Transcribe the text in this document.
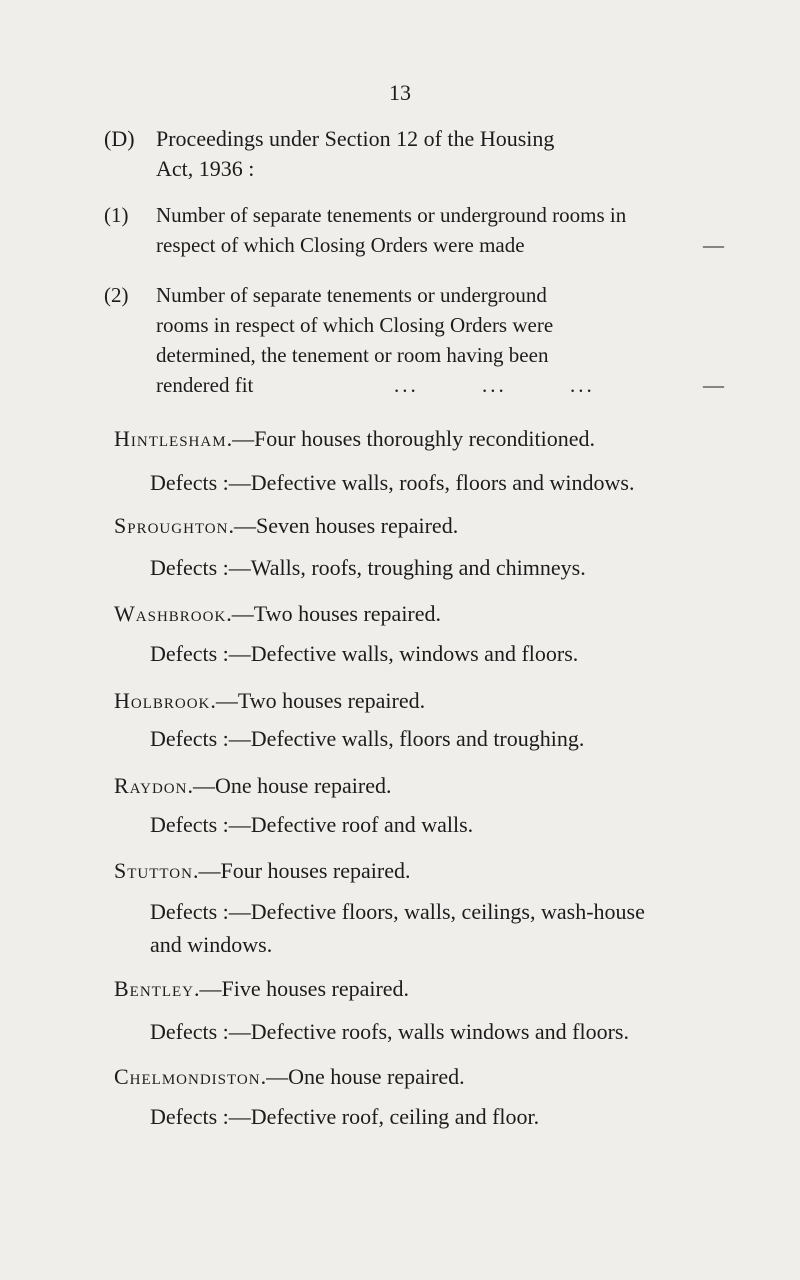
13
(D) Proceedings under Section 12 of the Housing
Act, 1936 :
(1) Number of separate tenements or underground rooms in respect of which Closing Orders were made	—
(2) Number of separate tenements or underground
rooms in respect of which Closing Orders were
determined, the tenement or room having been
rendered fit	...	...	...	—
Hintlesham.—Four houses thoroughly reconditioned.
Defects :—Defective walls, roofs, floors and windows.
Sproughton.—Seven houses repaired.
Defects :—Walls, roofs, troughing and chimneys.
Washbrook.—Two houses repaired.
Defects :—Defective walls, windows and floors.
Holbrook.—Two houses repaired.
Defects :—Defective walls, floors and troughing.
Raydon.—One house repaired.
Defects :—Defective roof and walls.
Stutton.—Four houses repaired.
Defects :—Defective floors, walls, ceilings, wash-house
and windows.
Bentley.—Five houses repaired.
Defects :—Defective roofs, walls windows and floors.
Chelmondiston.—One house repaired.
Defects :—Defective roof, ceiling and floor.
